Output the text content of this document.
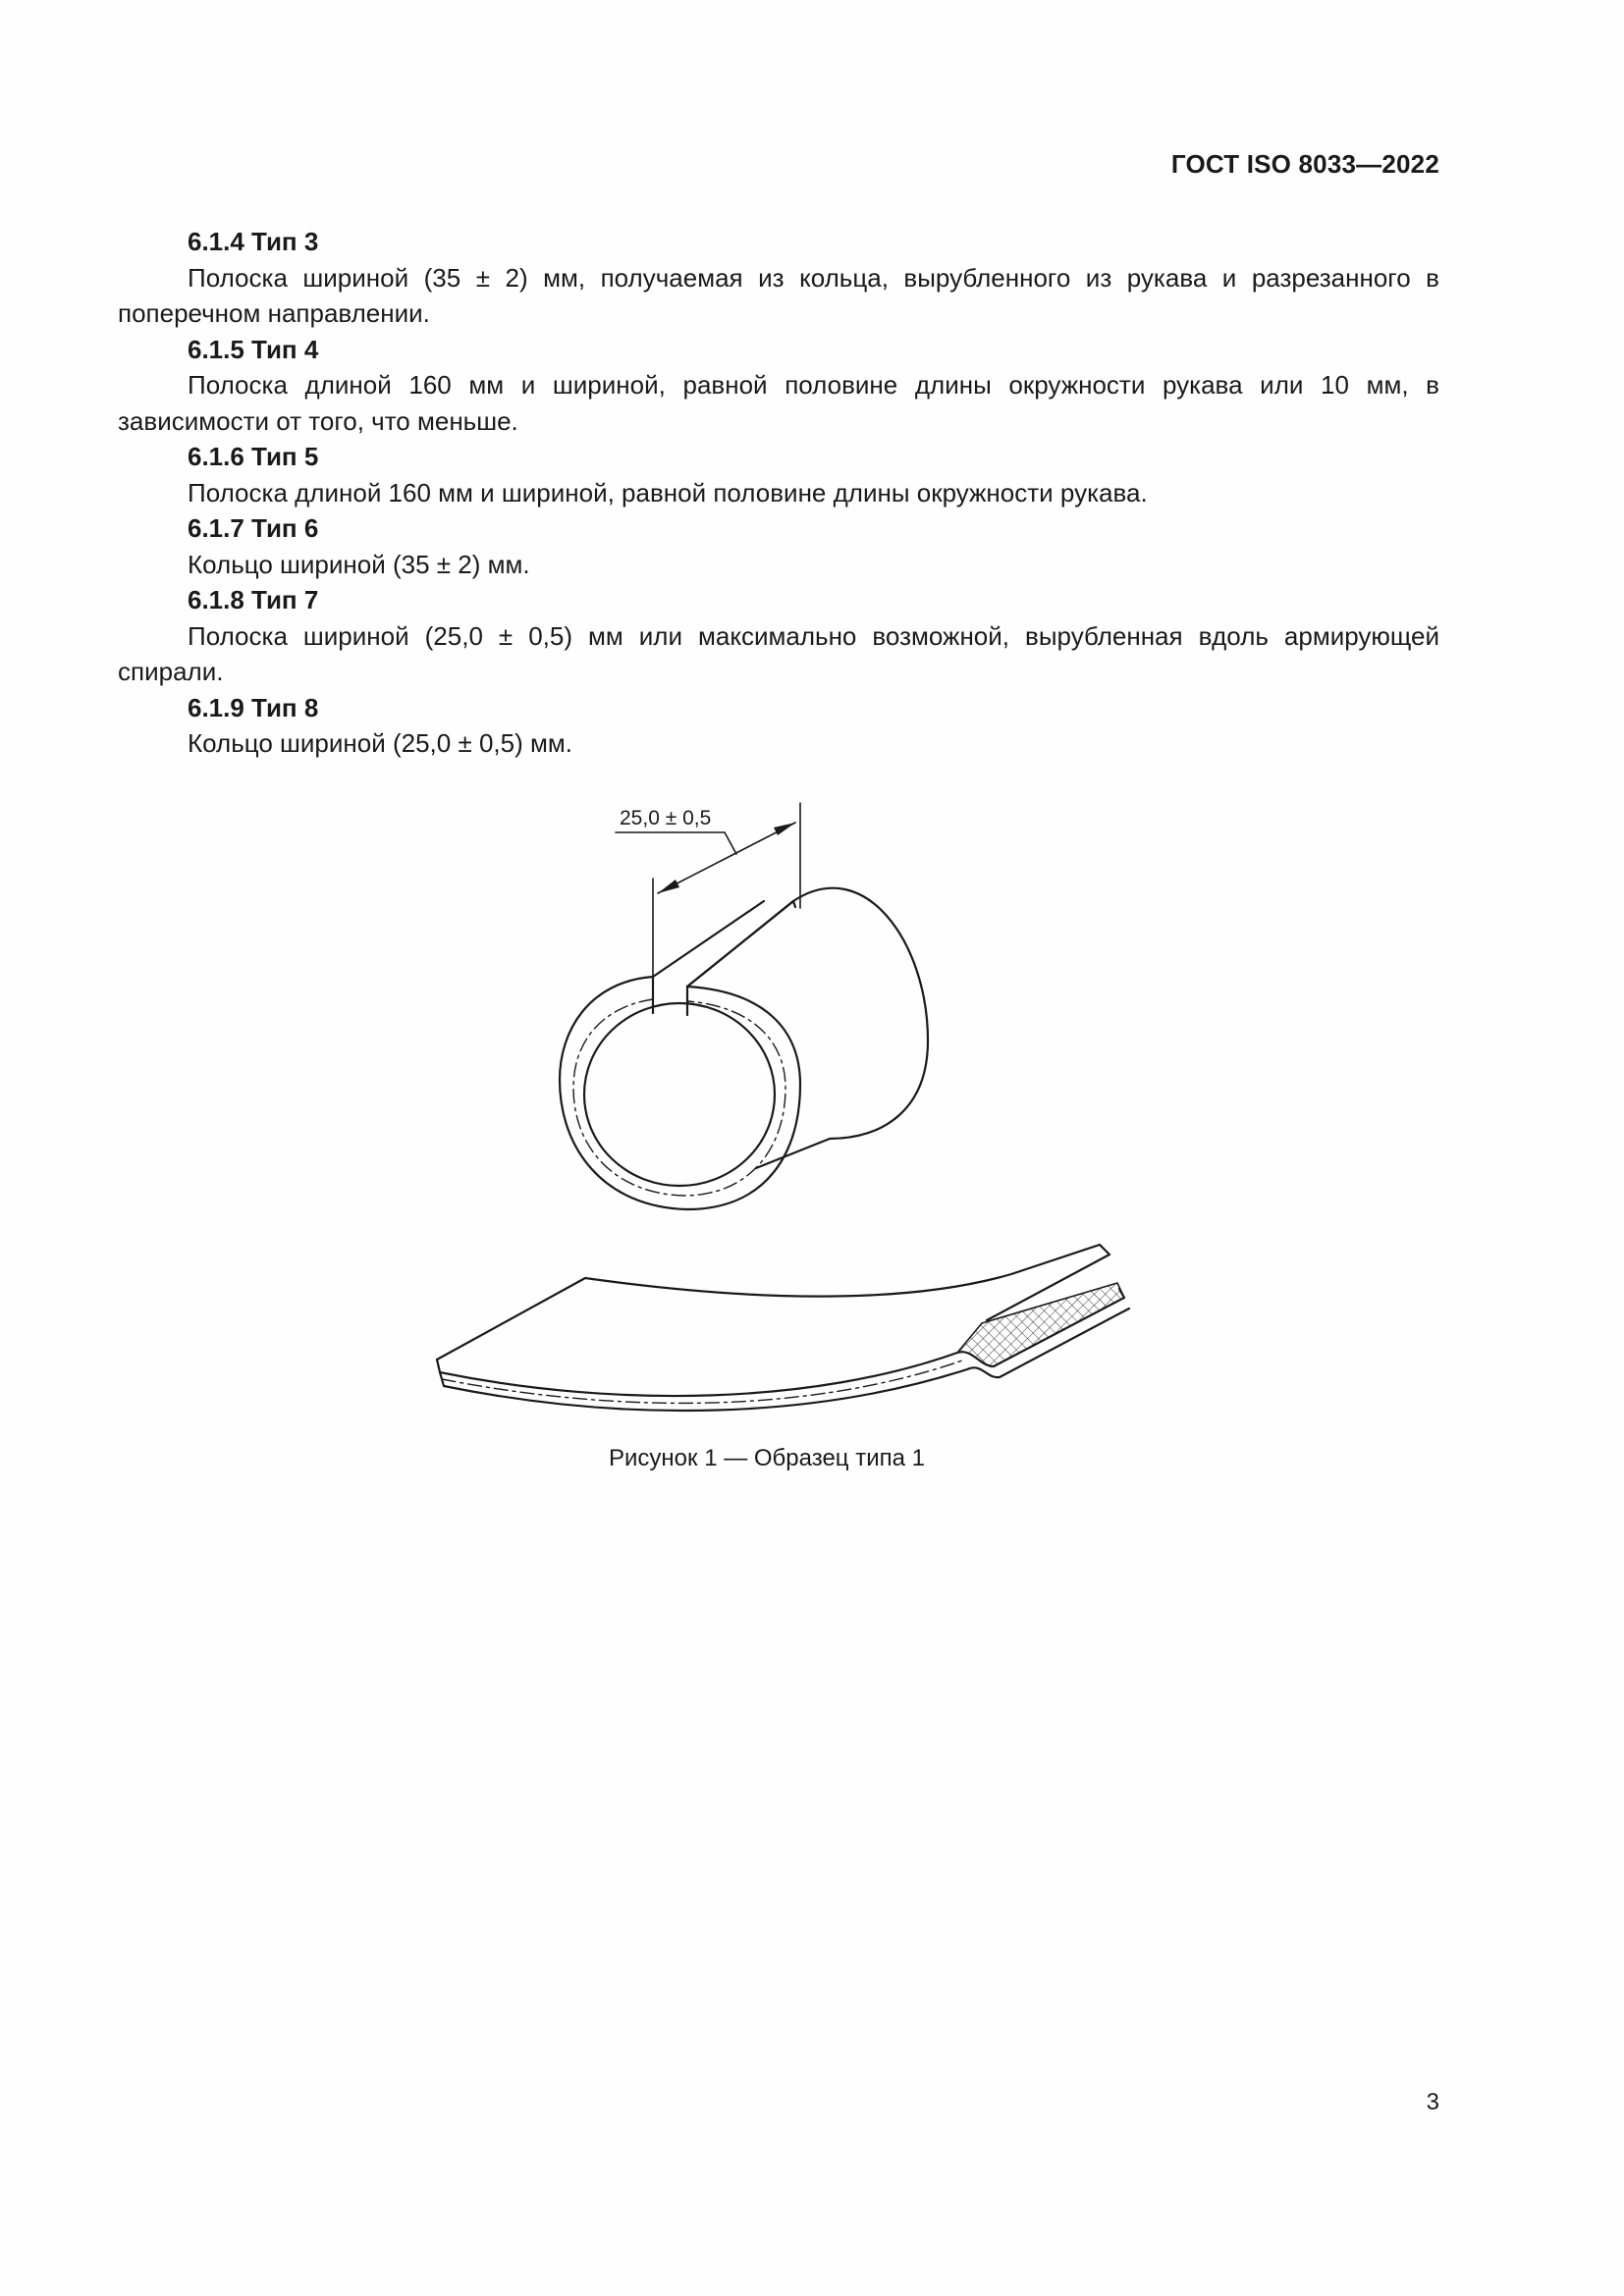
ГОСТ ISO 8033—2022
6.1.4 Тип 3
Полоска шириной (35 ± 2) мм, получаемая из кольца, вырубленного из рукава и разрезанного в поперечном направлении.
6.1.5 Тип 4
Полоска длиной 160 мм и шириной, равной половине длины окружности рукава или 10 мм, в зависимости от того, что меньше.
6.1.6 Тип 5
Полоска длиной 160 мм и шириной, равной половине длины окружности рукава.
6.1.7 Тип 6
Кольцо шириной (35 ± 2) мм.
6.1.8 Тип 7
Полоска шириной (25,0 ± 0,5) мм или максимально возможной, вырубленная вдоль армирующей спирали.
6.1.9 Тип 8
Кольцо шириной (25,0 ± 0,5) мм.
25,0 ± 0,5
Рисунок 1 — Образец типа 1
3
